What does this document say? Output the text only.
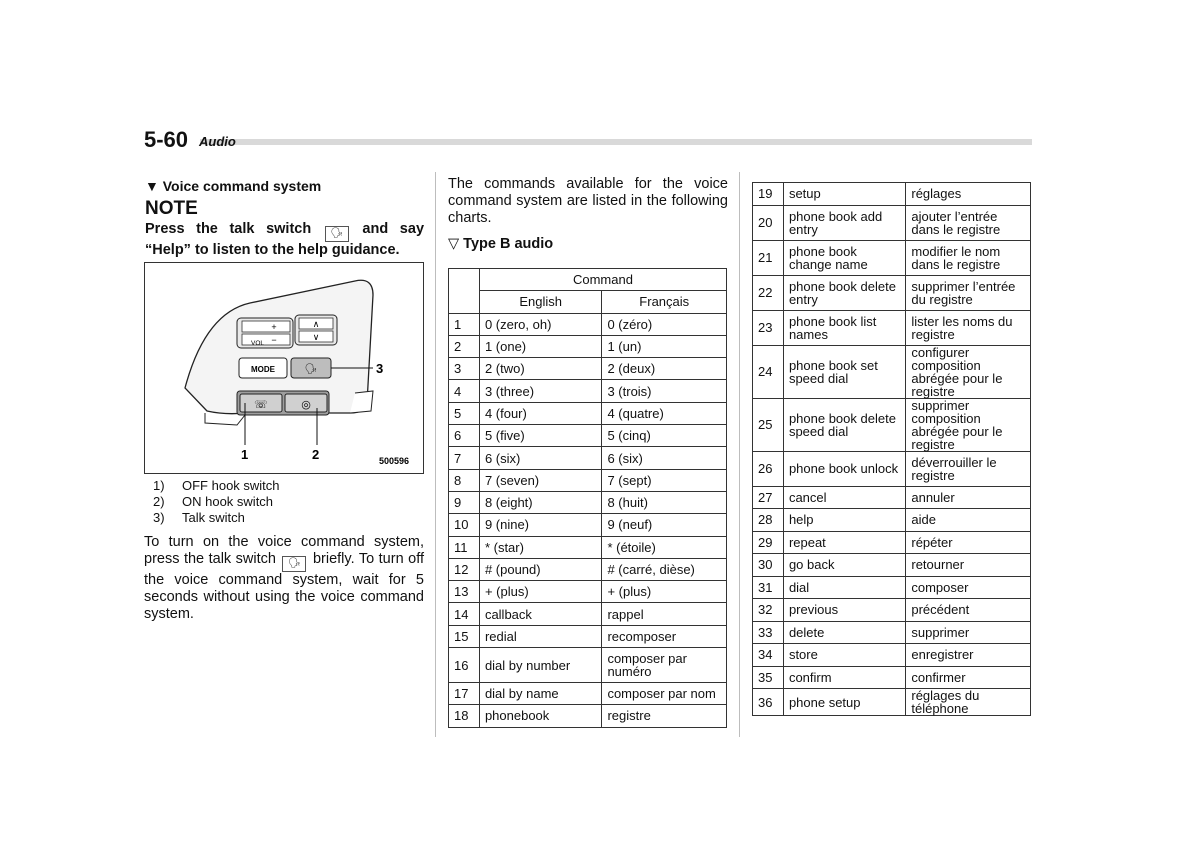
5-60 Audio
▼ Voice command system
NOTE
Press the talk switch 🗣 and say “Help” to listen to the help guidance.
+
−
VOL
∧
∨
MODE	🗣
☏	◎
3
1	2	500596
1)	OFF hook switch
2)	ON hook switch
3)	Talk switch
To turn on the voice command system, press the talk switch 🗣 briefly. To turn off the voice command system, wait for 5 seconds without using the voice command system.
The commands available for the voice command system are listed in the following charts.
▽ Type B audio
	Command	
	English	Français
1	0 (zero, oh)	0 (zéro)
2	1 (one)	1 (un)
3	2 (two)	2 (deux)
4	3 (three)	3 (trois)
5	4 (four)	4 (quatre)
6	5 (five)	5 (cinq)
7	6 (six)	6 (six)
8	7 (seven)	7 (sept)
9	8 (eight)	8 (huit)
10	9 (nine)	9 (neuf)
11	* (star)	* (étoile)
12	# (pound)	# (carré, dièse)
13	+ (plus)	+ (plus)
14	callback	rappel
15	redial	recomposer
16	dial by number	composer par numéro
17	dial by name	composer par nom
18	phonebook	registre
19	setup	réglages
20	phone book add entry	ajouter l’entrée dans le registre
21	phone book change name	modifier le nom dans le registre
22	phone book delete entry	supprimer l’entrée du registre
23	phone book list names	lister les noms du registre
24	phone book set speed dial	configurer composition abrégée pour le registre
25	phone book delete speed dial	supprimer composition abrégée pour le registre
26	phone book unlock	déverrouiller le registre
27	cancel	annuler
28	help	aide
29	repeat	répéter
30	go back	retourner
31	dial	composer
32	previous	précédent
33	delete	supprimer
34	store	enregistrer
35	confirm	confirmer
36	phone setup	réglages du téléphone
